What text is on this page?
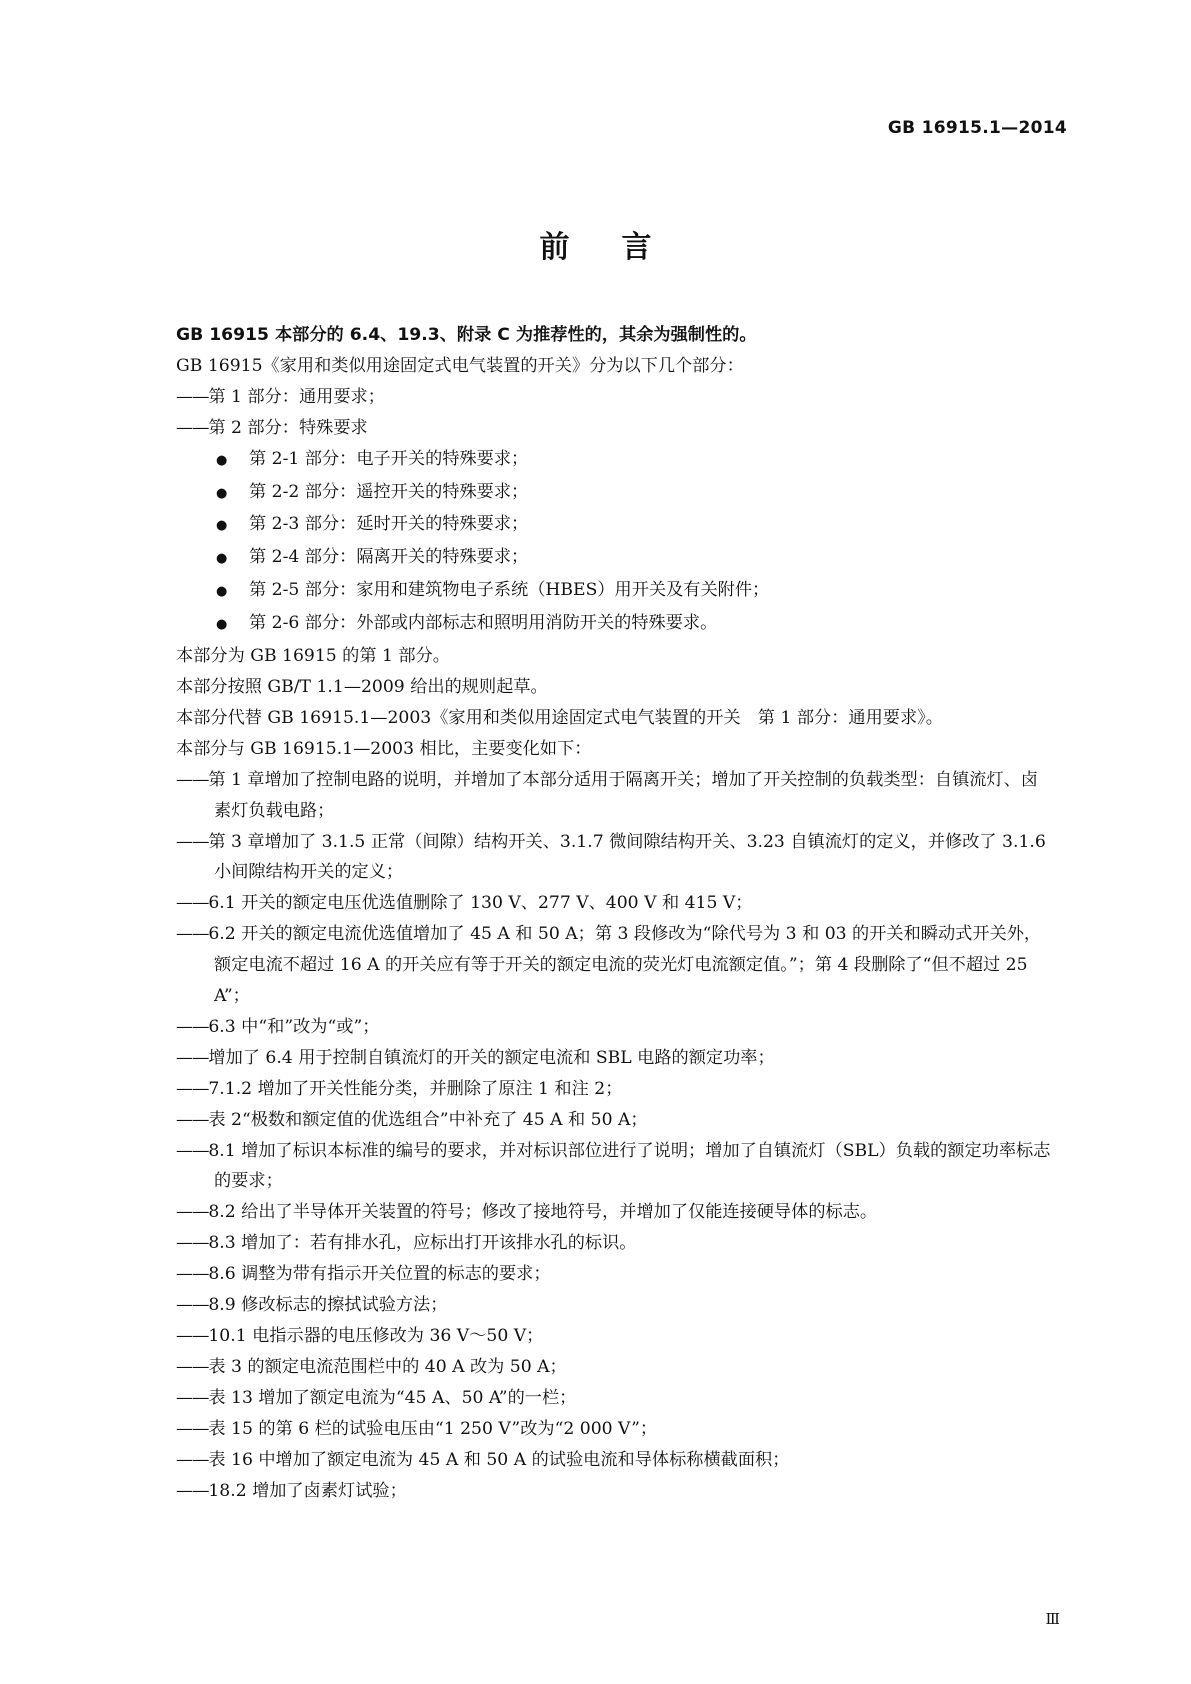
GB 16915.1—2014
前言
GB 16915 本部分的 6.4、19.3、附录 C 为推荐性的，其余为强制性的。
GB 16915《家用和类似用途固定式电气装置的开关》分为以下几个部分：
——第 1 部分：通用要求；
——第 2 部分：特殊要求
● 第 2-1 部分：电子开关的特殊要求；
● 第 2-2 部分：遥控开关的特殊要求；
● 第 2-3 部分：延时开关的特殊要求；
● 第 2-4 部分：隔离开关的特殊要求；
● 第 2-5 部分：家用和建筑物电子系统（HBES）用开关及有关附件；
● 第 2-6 部分：外部或内部标志和照明用消防开关的特殊要求。
本部分为 GB 16915 的第 1 部分。
本部分按照 GB/T 1.1—2009 给出的规则起草。
本部分代替 GB 16915.1—2003《家用和类似用途固定式电气装置的开关　第 1 部分：通用要求》。
本部分与 GB 16915.1—2003 相比，主要变化如下：
——第 1 章增加了控制电路的说明，并增加了本部分适用于隔离开关；增加了开关控制的负载类型：自镇流灯、卤素灯负载电路；
——第 3 章增加了 3.1.5 正常（间隙）结构开关、3.1.7 微间隙结构开关、3.23 自镇流灯的定义，并修改了 3.1.6 小间隙结构开关的定义；
——6.1 开关的额定电压优选值删除了 130 V、277 V、400 V 和 415 V；
——6.2 开关的额定电流优选值增加了 45 A 和 50 A；第 3 段修改为“除代号为 3 和 03 的开关和瞬动式开关外，额定电流不超过 16 A 的开关应有等于开关的额定电流的荧光灯电流额定值。”；第 4 段删除了“但不超过 25 A”；
——6.3 中“和”改为“或”；
——增加了 6.4 用于控制自镇流灯的开关的额定电流和 SBL 电路的额定功率；
——7.1.2 增加了开关性能分类，并删除了原注 1 和注 2；
——表 2“极数和额定值的优选组合”中补充了 45 A 和 50 A；
——8.1 增加了标识本标准的编号的要求，并对标识部位进行了说明；增加了自镇流灯（SBL）负载的额定功率标志的要求；
——8.2 给出了半导体开关装置的符号；修改了接地符号，并增加了仅能连接硬导体的标志。
——8.3 增加了：若有排水孔，应标出打开该排水孔的标识。
——8.6 调整为带有指示开关位置的标志的要求；
——8.9 修改标志的擦拭试验方法；
——10.1 电指示器的电压修改为 36 V～50 V；
——表 3 的额定电流范围栏中的 40 A 改为 50 A；
——表 13 增加了额定电流为“45 A、50 A”的一栏；
——表 15 的第 6 栏的试验电压由“1 250 V”改为“2 000 V”；
——表 16 中增加了额定电流为 45 A 和 50 A 的试验电流和导体标称横截面积；
——18.2 增加了卤素灯试验；
Ⅲ
